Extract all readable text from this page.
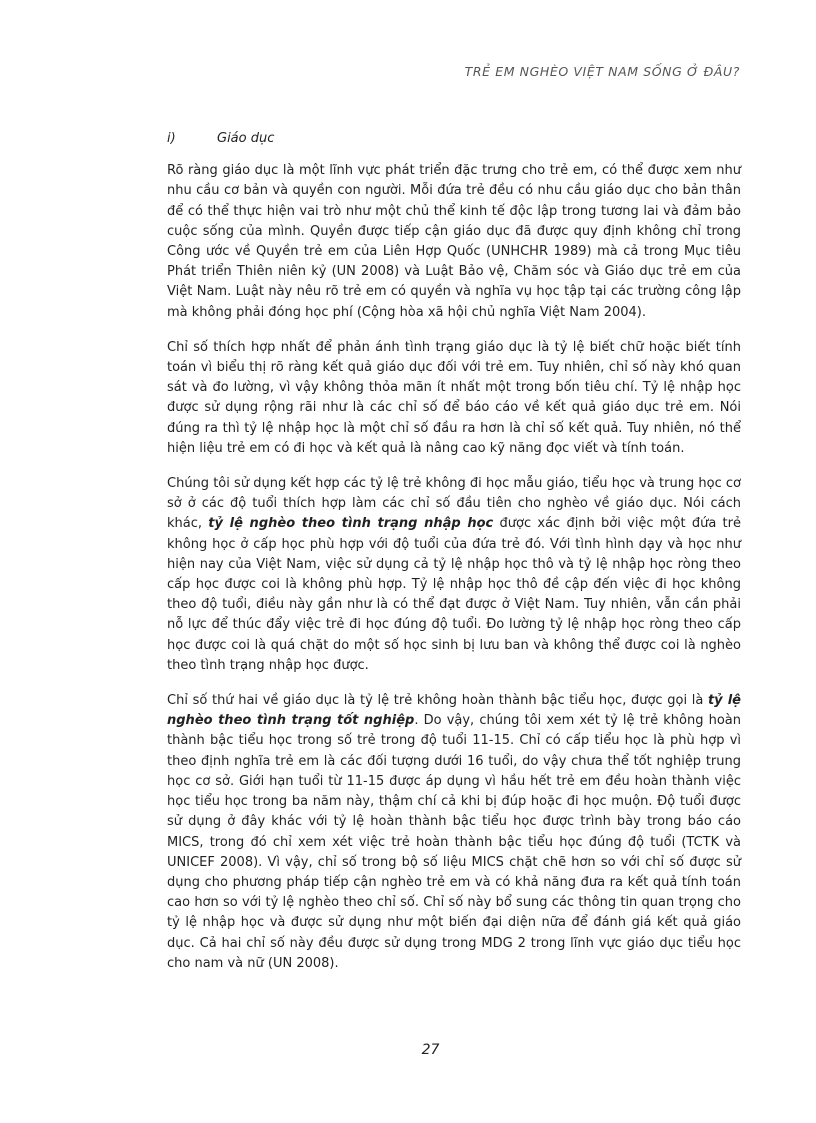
TRẺ EM NGHÈO VIỆT NAM SỐNG Ở ĐÂU?
i)	Giáo dục

Rõ ràng giáo dục là một lĩnh vực phát triển đặc trưng cho trẻ em, có thể được xem như nhu cầu cơ bản và quyền con người. Mỗi đứa trẻ đều có nhu cầu giáo dục cho bản thân để có thể thực hiện vai trò như một chủ thể kinh tế độc lập trong tương lai và đảm bảo cuộc sống của mình. Quyền được tiếp cận giáo dục đã được quy định không chỉ trong Công ước về Quyền trẻ em của Liên Hợp Quốc (UNHCHR 1989) mà cả trong Mục tiêu Phát triển Thiên niên kỷ (UN 2008) và Luật Bảo vệ, Chăm sóc và Giáo dục trẻ em của Việt Nam. Luật này nêu rõ trẻ em có quyền và nghĩa vụ học tập tại các trường công lập mà không phải đóng học phí (Cộng hòa xã hội chủ nghĩa Việt Nam 2004).

Chỉ số thích hợp nhất để phản ánh tình trạng giáo dục là tỷ lệ biết chữ hoặc biết tính toán vì biểu thị rõ ràng kết quả giáo dục đối với trẻ em. Tuy nhiên, chỉ số này khó quan sát và đo lường, vì vậy không thỏa mãn ít nhất một trong bốn tiêu chí. Tỷ lệ nhập học được sử dụng rộng rãi như là các chỉ số để báo cáo về kết quả giáo dục trẻ em. Nói đúng ra thì tỷ lệ nhập học là một chỉ số đầu ra hơn là chỉ số kết quả. Tuy nhiên, nó thể hiện liệu trẻ em có đi học và kết quả là nâng cao kỹ năng đọc viết và tính toán.

Chúng tôi sử dụng kết hợp các tỷ lệ trẻ không đi học mẫu giáo, tiểu học và trung học cơ sở ở các độ tuổi thích hợp làm các chỉ số đầu tiên cho nghèo về giáo dục. Nói cách khác, tỷ lệ nghèo theo tình trạng nhập học được xác định bởi việc một đứa trẻ không học ở cấp học phù hợp với độ tuổi của đứa trẻ đó. Với tình hình dạy và học như hiện nay của Việt Nam, việc sử dụng cả tỷ lệ nhập học thô và tỷ lệ nhập học ròng theo cấp học được coi là không phù hợp. Tỷ lệ nhập học thô đề cập đến việc đi học không theo độ tuổi, điều này gần như là có thể đạt được ở Việt Nam. Tuy nhiên, vẫn cần phải nỗ lực để thúc đẩy việc trẻ đi học đúng độ tuổi. Đo lường tỷ lệ nhập học ròng theo cấp học được coi là quá chặt do một số học sinh bị lưu ban và không thể được coi là nghèo theo tình trạng nhập học được.

Chỉ số thứ hai về giáo dục là tỷ lệ trẻ không hoàn thành bậc tiểu học, được gọi là tỷ lệ nghèo theo tình trạng tốt nghiệp. Do vậy, chúng tôi xem xét tỷ lệ trẻ không hoàn thành bậc tiểu học trong số trẻ trong độ tuổi 11-15. Chỉ có cấp tiểu học là phù hợp vì theo định nghĩa trẻ em là các đối tượng dưới 16 tuổi, do vậy chưa thể tốt nghiệp trung học cơ sở. Giới hạn tuổi từ 11-15 được áp dụng vì hầu hết trẻ em đều hoàn thành việc học tiểu học trong ba năm này, thậm chí cả khi bị đúp hoặc đi học muộn. Độ tuổi được sử dụng ở đây khác với tỷ lệ hoàn thành bậc tiểu học được trình bày trong báo cáo MICS, trong đó chỉ xem xét việc trẻ hoàn thành bậc tiểu học đúng độ tuổi (TCTK và UNICEF 2008). Vì vậy, chỉ số trong bộ số liệu MICS chặt chẽ hơn so với chỉ số được sử dụng cho phương pháp tiếp cận nghèo trẻ em và có khả năng đưa ra kết quả tính toán cao hơn so với tỷ lệ nghèo theo chỉ số. Chỉ số này bổ sung các thông tin quan trọng cho tỷ lệ nhập học và được sử dụng như một biến đại diện nữa để đánh giá kết quả giáo dục. Cả hai chỉ số này đều được sử dụng trong MDG 2 trong lĩnh vực giáo dục tiểu học cho nam và nữ (UN 2008).

27
